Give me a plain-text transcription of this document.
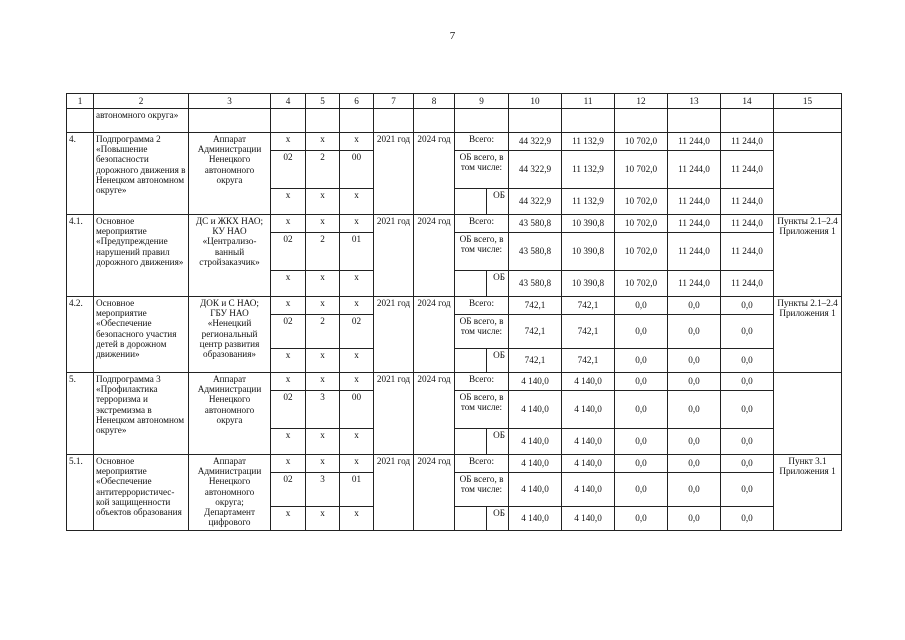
7
1	2	3	4	5	6	7	8	9		10	11	12	13	14	15
	автономного округа»														
4.	Подпрограмма 2 «Повышение безопасности дорожного движения в Ненецком автономном округе»	Аппарат Администрации Ненецкого автономного округа	х	х	х	2021 год	2024 год	Всего:		44 322,9	11 132,9	10 702,0	11 244,0	11 244,0	
			02	2	00			ОБ всего, в том числе:		44 322,9	11 132,9	10 702,0	11 244,0	11 244,0	
			х	х	х				ОБ	44 322,9	11 132,9	10 702,0	11 244,0	11 244,0	
4.1.	Основное мероприятие «Предупреждение нарушений правил дорожного движения»	ДС и ЖКХ НАО; КУ НАО «Централизо-ванный стройзаказчик»	х	х	х	2021 год	2024 год	Всего:		43 580,8	10 390,8	10 702,0	11 244,0	11 244,0	Пункты 2.1–2.4 Приложения 1
			02	2	01			ОБ всего, в том числе:		43 580,8	10 390,8	10 702,0	11 244,0	11 244,0	
			х	х	х				ОБ	43 580,8	10 390,8	10 702,0	11 244,0	11 244,0	
4.2.	Основное мероприятие «Обеспечение безопасного участия детей в дорожном движении»	ДОК и С НАО; ГБУ НАО «Ненецкий региональный центр развития образования»	х	х	х	2021 год	2024 год	Всего:		742,1	742,1	0,0	0,0	0,0	Пункты 2.1–2.4 Приложения 1
			02	2	02			ОБ всего, в том числе:		742,1	742,1	0,0	0,0	0,0	
			х	х	х				ОБ	742,1	742,1	0,0	0,0	0,0	
5.	Подпрограмма 3 «Профилактика терроризма и экстремизма в Ненецком автономном округе»	Аппарат Администрации Ненецкого автономного округа	х	х	х	2021 год	2024 год	Всего:		4 140,0	4 140,0	0,0	0,0	0,0	
			02	3	00			ОБ всего, в том числе:		4 140,0	4 140,0	0,0	0,0	0,0	
			х	х	х				ОБ	4 140,0	4 140,0	0,0	0,0	0,0	
5.1.	Основное мероприятие «Обеспечение антитеррористичес-кой защищенности объектов образования	Аппарат Администрации Ненецкого автономного округа; Департамент цифрового	х	х	х	2021 год	2024 год	Всего:		4 140,0	4 140,0	0,0	0,0	0,0	Пункт 3.1 Приложения 1
			02	3	01			ОБ всего, в том числе:		4 140,0	4 140,0	0,0	0,0	0,0	
			х	х	х				ОБ	4 140,0	4 140,0	0,0	0,0	0,0	
